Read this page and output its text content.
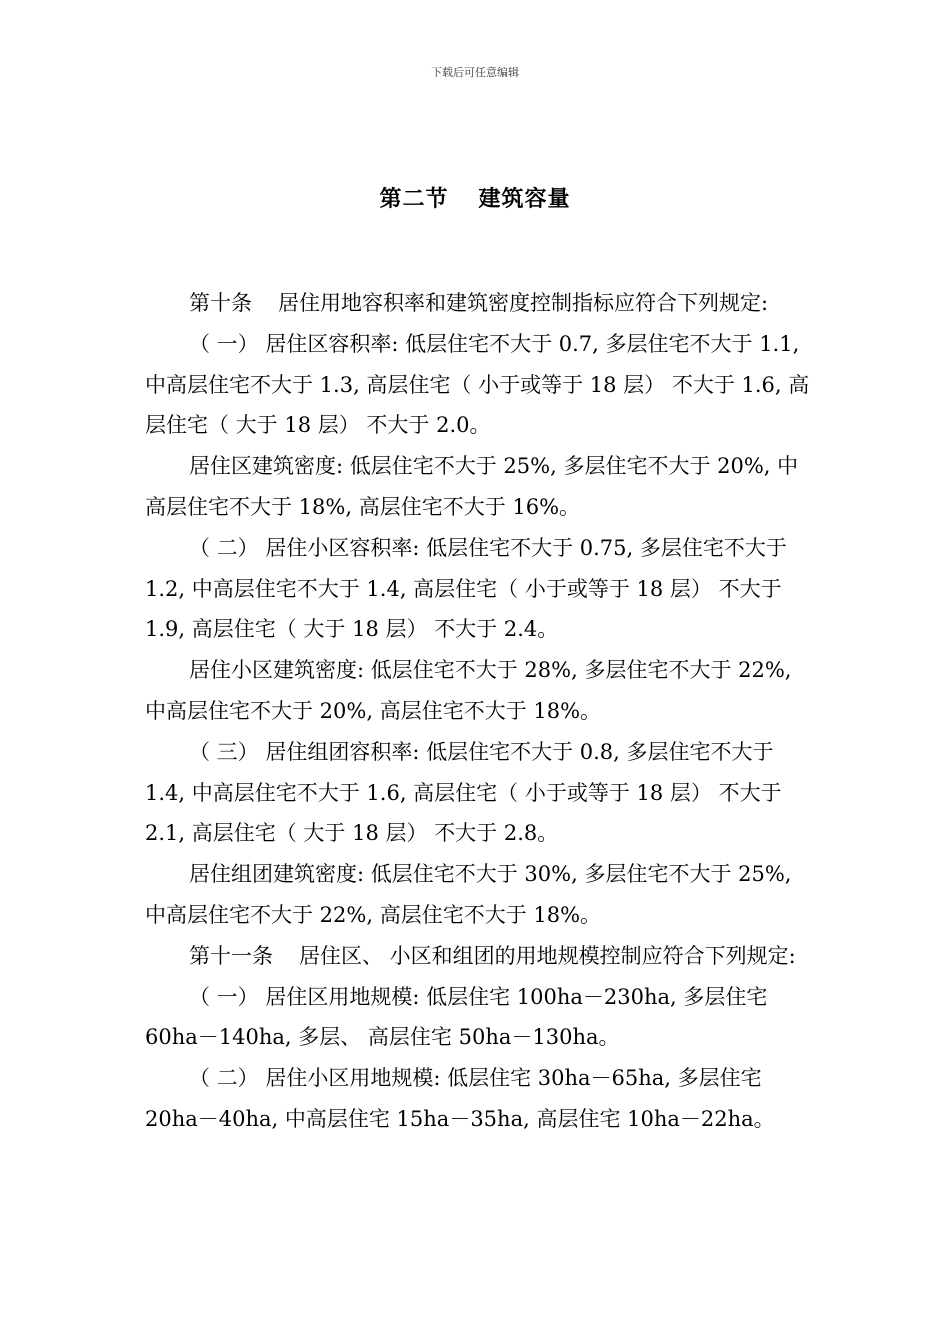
下载后可任意编辑
第二节 建筑容量

第十条 居住用地容积率和建筑密度控制指标应符合下列规定:

（ 一） 居住区容积率: 低层住宅不大于 0.7, 多层住宅不大于 1.1, 中高层住宅不大于 1.3, 高层住宅（ 小于或等于 18 层） 不大于 1.6, 高层住宅（ 大于 18 层） 不大于 2.0。

居住区建筑密度: 低层住宅不大于 25%, 多层住宅不大于 20%, 中高层住宅不大于 18%, 高层住宅不大于 16%。

（ 二） 居住小区容积率: 低层住宅不大于 0.75, 多层住宅不大于 1.2, 中高层住宅不大于 1.4, 高层住宅（ 小于或等于 18 层） 不大于 1.9, 高层住宅（ 大于 18 层） 不大于 2.4。

居住小区建筑密度: 低层住宅不大于 28%, 多层住宅不大于 22%, 中高层住宅不大于 20%, 高层住宅不大于 18%。

（ 三） 居住组团容积率: 低层住宅不大于 0.8, 多层住宅不大于 1.4, 中高层住宅不大于 1.6, 高层住宅（ 小于或等于 18 层） 不大于 2.1, 高层住宅（ 大于 18 层） 不大于 2.8。

居住组团建筑密度: 低层住宅不大于 30%, 多层住宅不大于 25%, 中高层住宅不大于 22%, 高层住宅不大于 18%。

第十一条 居住区、 小区和组团的用地规模控制应符合下列规定:

（ 一） 居住区用地规模: 低层住宅 100ha－230ha, 多层住宅 60ha－140ha, 多层、 高层住宅 50ha－130ha。

（ 二） 居住小区用地规模: 低层住宅 30ha－65ha, 多层住宅 20ha－40ha, 中高层住宅 15ha－35ha, 高层住宅 10ha－22ha。
